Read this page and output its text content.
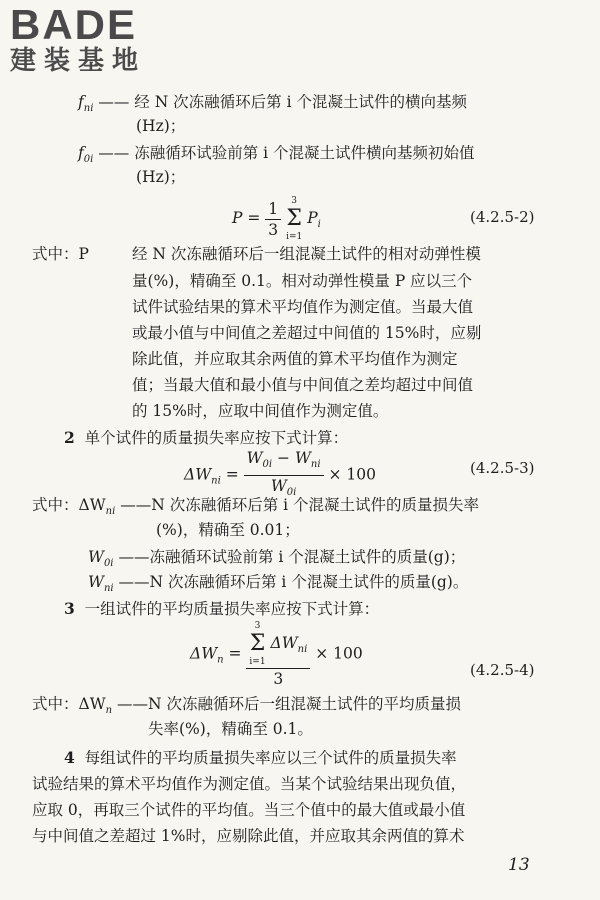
BADE
建装基地
$f_{ni}$ —— 经 N 次冻融循环后第 i 个混凝土试件的横向基频
(Hz)；
$f_{0i}$ —— 冻融循环试验前第 i 个混凝土试件横向基频初始值
(Hz)；
$P = \frac{1}{3}$
	3
Σ
i=1
$P_i$	(4.2.5-2)
式中：P	经 N 次冻融循环后一组混凝土试件的相对动弹性模
量(%)，精确至 0.1。相对动弹性模量 P 应以三个
试件试验结果的算术平均值作为测定值。当最大值
或最小值与中间值之差超过中间值的 15%时，应剔
除此值，并应取其余两值的算术平均值作为测定
值；当最大值和最小值与中间值之差均超过中间值
的 15%时，应取中间值作为测定值。
2 单个试件的质量损失率应按下式计算：
$\Delta W_{ni} = \frac{W_{0i} - W_{ni}}{W_{0i}} \times 100$	(4.2.5-3)
式中：$\Delta W_{ni}$ ——N 次冻融循环后第 i 个混凝土试件的质量损失率
(%)，精确至 0.01；
$W_{0i}$ ——冻融循环试验前第 i 个混凝土试件的质量(g)；
$W_{ni}$ ——N 次冻融循环后第 i 个混凝土试件的质量(g)。
3 一组试件的平均质量损失率应按下式计算：
$\Delta W_n = 3$
Σ
i=1
$\Delta W_{ni}$
3 × 100
(4.2.5-4)
式中：$\Delta W_n$ ——N 次冻融循环后一组混凝土试件的平均质量损
失率(%)，精确至 0.1。
4 每组试件的平均质量损失率应以三个试件的质量损失率
试验结果的算术平均值作为测定值。当某个试验结果出现负值，
应取 0，再取三个试件的平均值。当三个值中的最大值或最小值
与中间值之差超过 1%时，应剔除此值，并应取其余两值的算术
13
